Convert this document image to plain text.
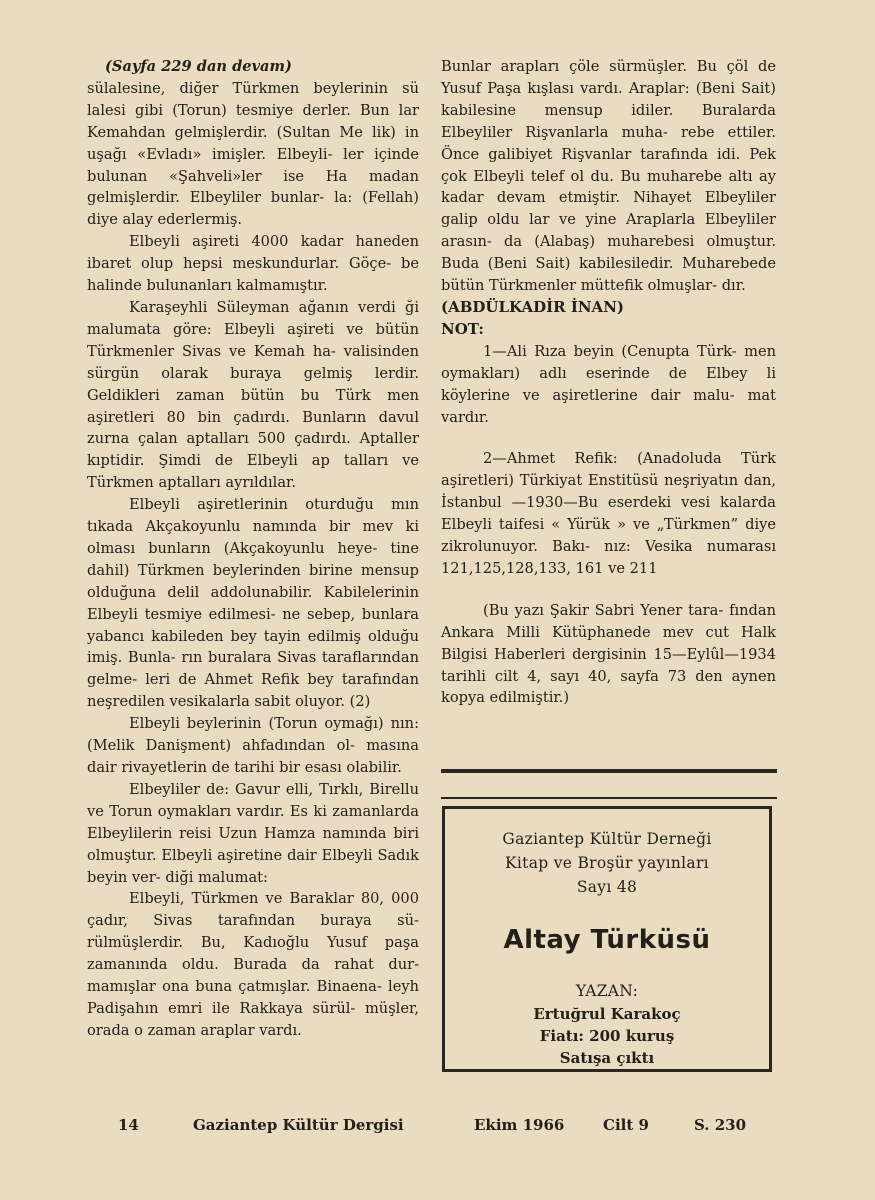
(Sayfa 229 dan devam)

sülalesine, diğer Türkmen beylerinin sü lalesi gibi (Torun) tesmiye derler. Bun lar Kemahdan gelmişlerdir. (Sultan Me lik) in uşağı «Evladı» imişler. Elbeyli- ler içinde bulunan «Şahveli»ler ise Ha madan gelmişlerdir. Elbeyliler bunlar- la: (Fellah) diye alay ederlermiş.

Elbeyli aşireti 4000 kadar haneden ibaret olup hepsi meskundurlar. Göçe- be halinde bulunanları kalmamıştır.

Karaşeyhli Süleyman ağanın verdi ği malumata göre: Elbeyli aşireti ve bütün Türkmenler Sivas ve Kemah ha- valisinden sürgün olarak buraya gelmiş lerdir. Geldikleri zaman bütün bu Türk men aşiretleri 80 bin çadırdı. Bunların davul zurna çalan aptalları 500 çadırdı. Aptaller kıptidir. Şimdi de Elbeyli ap talları ve Türkmen aptalları ayrıldılar.

Elbeyli aşiretlerinin oturduğu mın tıkada Akçakoyunlu namında bir mev ki olması bunların (Akçakoyunlu heye- tine dahil) Türkmen beylerinden birine mensup olduğuna delil addolunabilir. Kabilelerinin Elbeyli tesmiye edilmesi- ne sebep, bunlara yabancı kabileden bey tayin edilmiş olduğu imiş. Bunla- rın buralara Sivas taraflarından gelme- leri de Ahmet Refik bey tarafından neşredilen vesikalarla sabit oluyor. (2)

Elbeyli beylerinin (Torun oymağı) nın: (Melik Danişment) ahfadından ol- masına dair rivayetlerin de tarihi bir esası olabilir.

Elbeyliler de: Gavur elli, Tırklı, Birellu ve Torun oymakları vardır. Es ki zamanlarda Elbeylilerin reisi Uzun Hamza namında biri olmuştur. Elbeyli aşiretine dair Elbeyli Sadık beyin ver- diği malumat:

Elbeyli, Türkmen ve Baraklar 80, 000 çadır, Sivas tarafından buraya sü- rülmüşlerdir. Bu, Kadıoğlu Yusuf paşa zamanında oldu. Burada da rahat dur- mamışlar ona buna çatmışlar. Binaena- leyh Padişahın emri ile Rakkaya sürül- müşler, orada o zaman araplar vardı.

Bunlar arapları çöle sürmüşler. Bu çöl de Yusuf Paşa kışlası vardı. Araplar: (Beni Sait) kabilesine mensup idiler. Buralarda Elbeyliler Rişvanlarla muha- rebe ettiler. Önce galibiyet Rişvanlar tarafında idi. Pek çok Elbeyli telef ol du. Bu muharebe altı ay kadar devam etmiştir. Nihayet Elbeyliler galip oldu lar ve yine Araplarla Elbeyliler arasın- da (Alabaş) muharebesi olmuştur. Buda (Beni Sait) kabilesiledir. Muharebede bütün Türkmenler müttefik olmuşlar- dır.

(ABDÜLKADİR İNAN)

NOT:

1—Ali Rıza beyin (Cenupta Türk- men oymakları) adlı eserinde de Elbey li köylerine ve aşiretlerine dair malu- mat vardır.

2—Ahmet Refik: (Anadoluda Türk aşiretleri) Türkiyat Enstitüsü neşriyatın dan, İstanbul —1930—Bu eserdeki vesi kalarda Elbeyli taifesi « Yürük » ve „Türkmen” diye zikrolunuyor. Bakı- nız: Vesika numarası 121,125,128,133, 161 ve 211

(Bu yazı Şakir Sabri Yener tara- fından Ankara Milli Kütüphanede mev cut Halk Bilgisi Haberleri dergisinin 15—Eylûl—1934 tarihli cilt 4, sayı 40, sayfa 73 den aynen kopya edilmiştir.)

Gaziantep Kültür Derneği
Kitap ve Broşür yayınları
Sayı 48
Altay Türküsü
YAZAN:
Ertuğrul Karakoç
Fiatı: 200 kuruş
Satışa çıktı
14	Gaziantep Kültür Dergisi	Ekim 1966	Cilt 9	S. 230
